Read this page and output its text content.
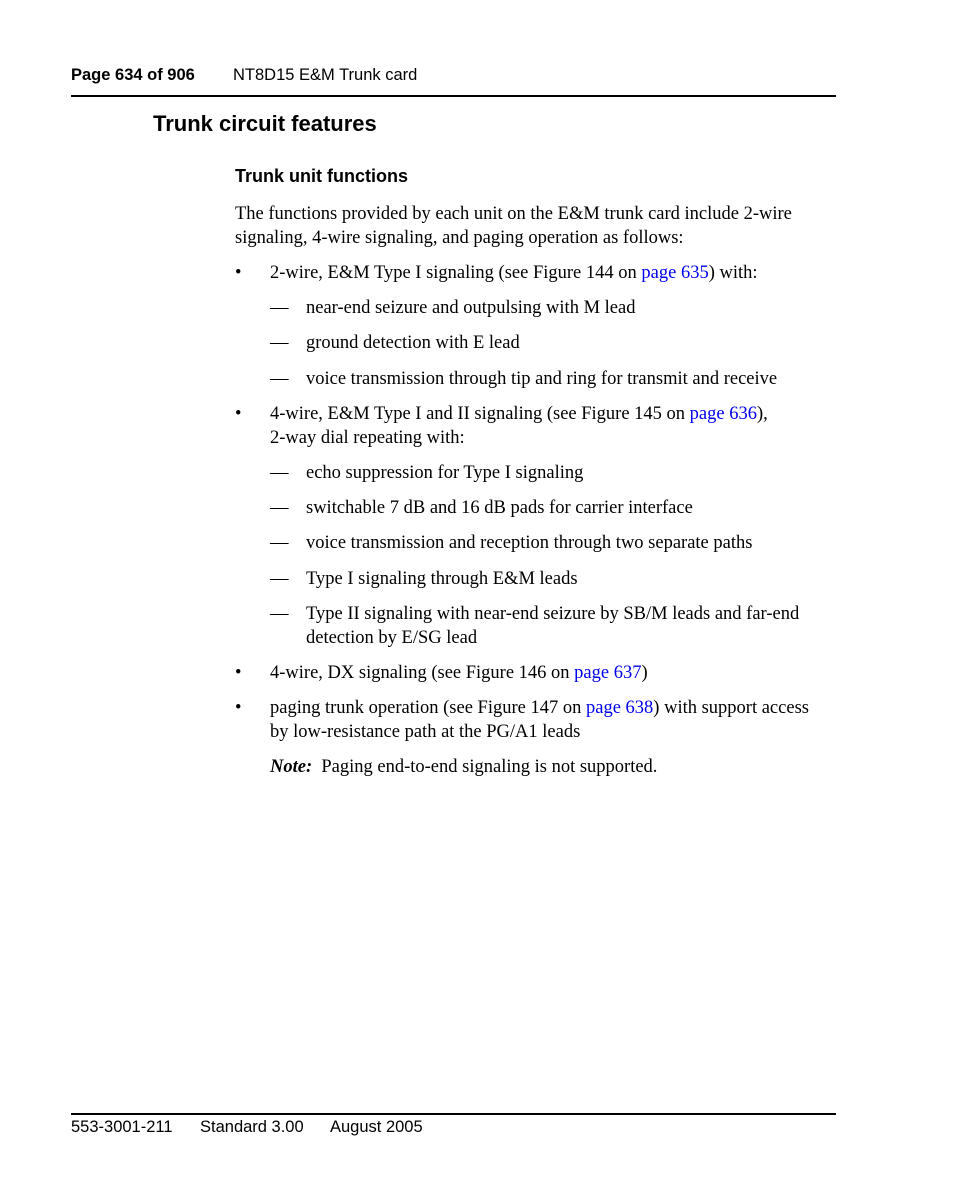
Page 634 of 906 NT8D15 E&M Trunk card
Trunk circuit features
Trunk unit functions
The functions provided by each unit on the E&M trunk card include 2-wire
signaling, 4-wire signaling, and paging operation as follows:
• 2-wire, E&M Type I signaling (see Figure 144 on page 635) with:
— near-end seizure and outpulsing with M lead
— ground detection with E lead
— voice transmission through tip and ring for transmit and receive
• 4-wire, E&M Type I and II signaling (see Figure 145 on page 636),
2-way dial repeating with:
— echo suppression for Type I signaling
— switchable 7 dB and 16 dB pads for carrier interface
— voice transmission and reception through two separate paths
— Type I signaling through E&M leads
— Type II signaling with near-end seizure by SB/M leads and far-end
detection by E/SG lead
• 4-wire, DX signaling (see Figure 146 on page 637)
• paging trunk operation (see Figure 147 on page 638) with support access
by low-resistance path at the PG/A1 leads
Note: Paging end-to-end signaling is not supported.
553-3001-211 Standard 3.00 August 2005
